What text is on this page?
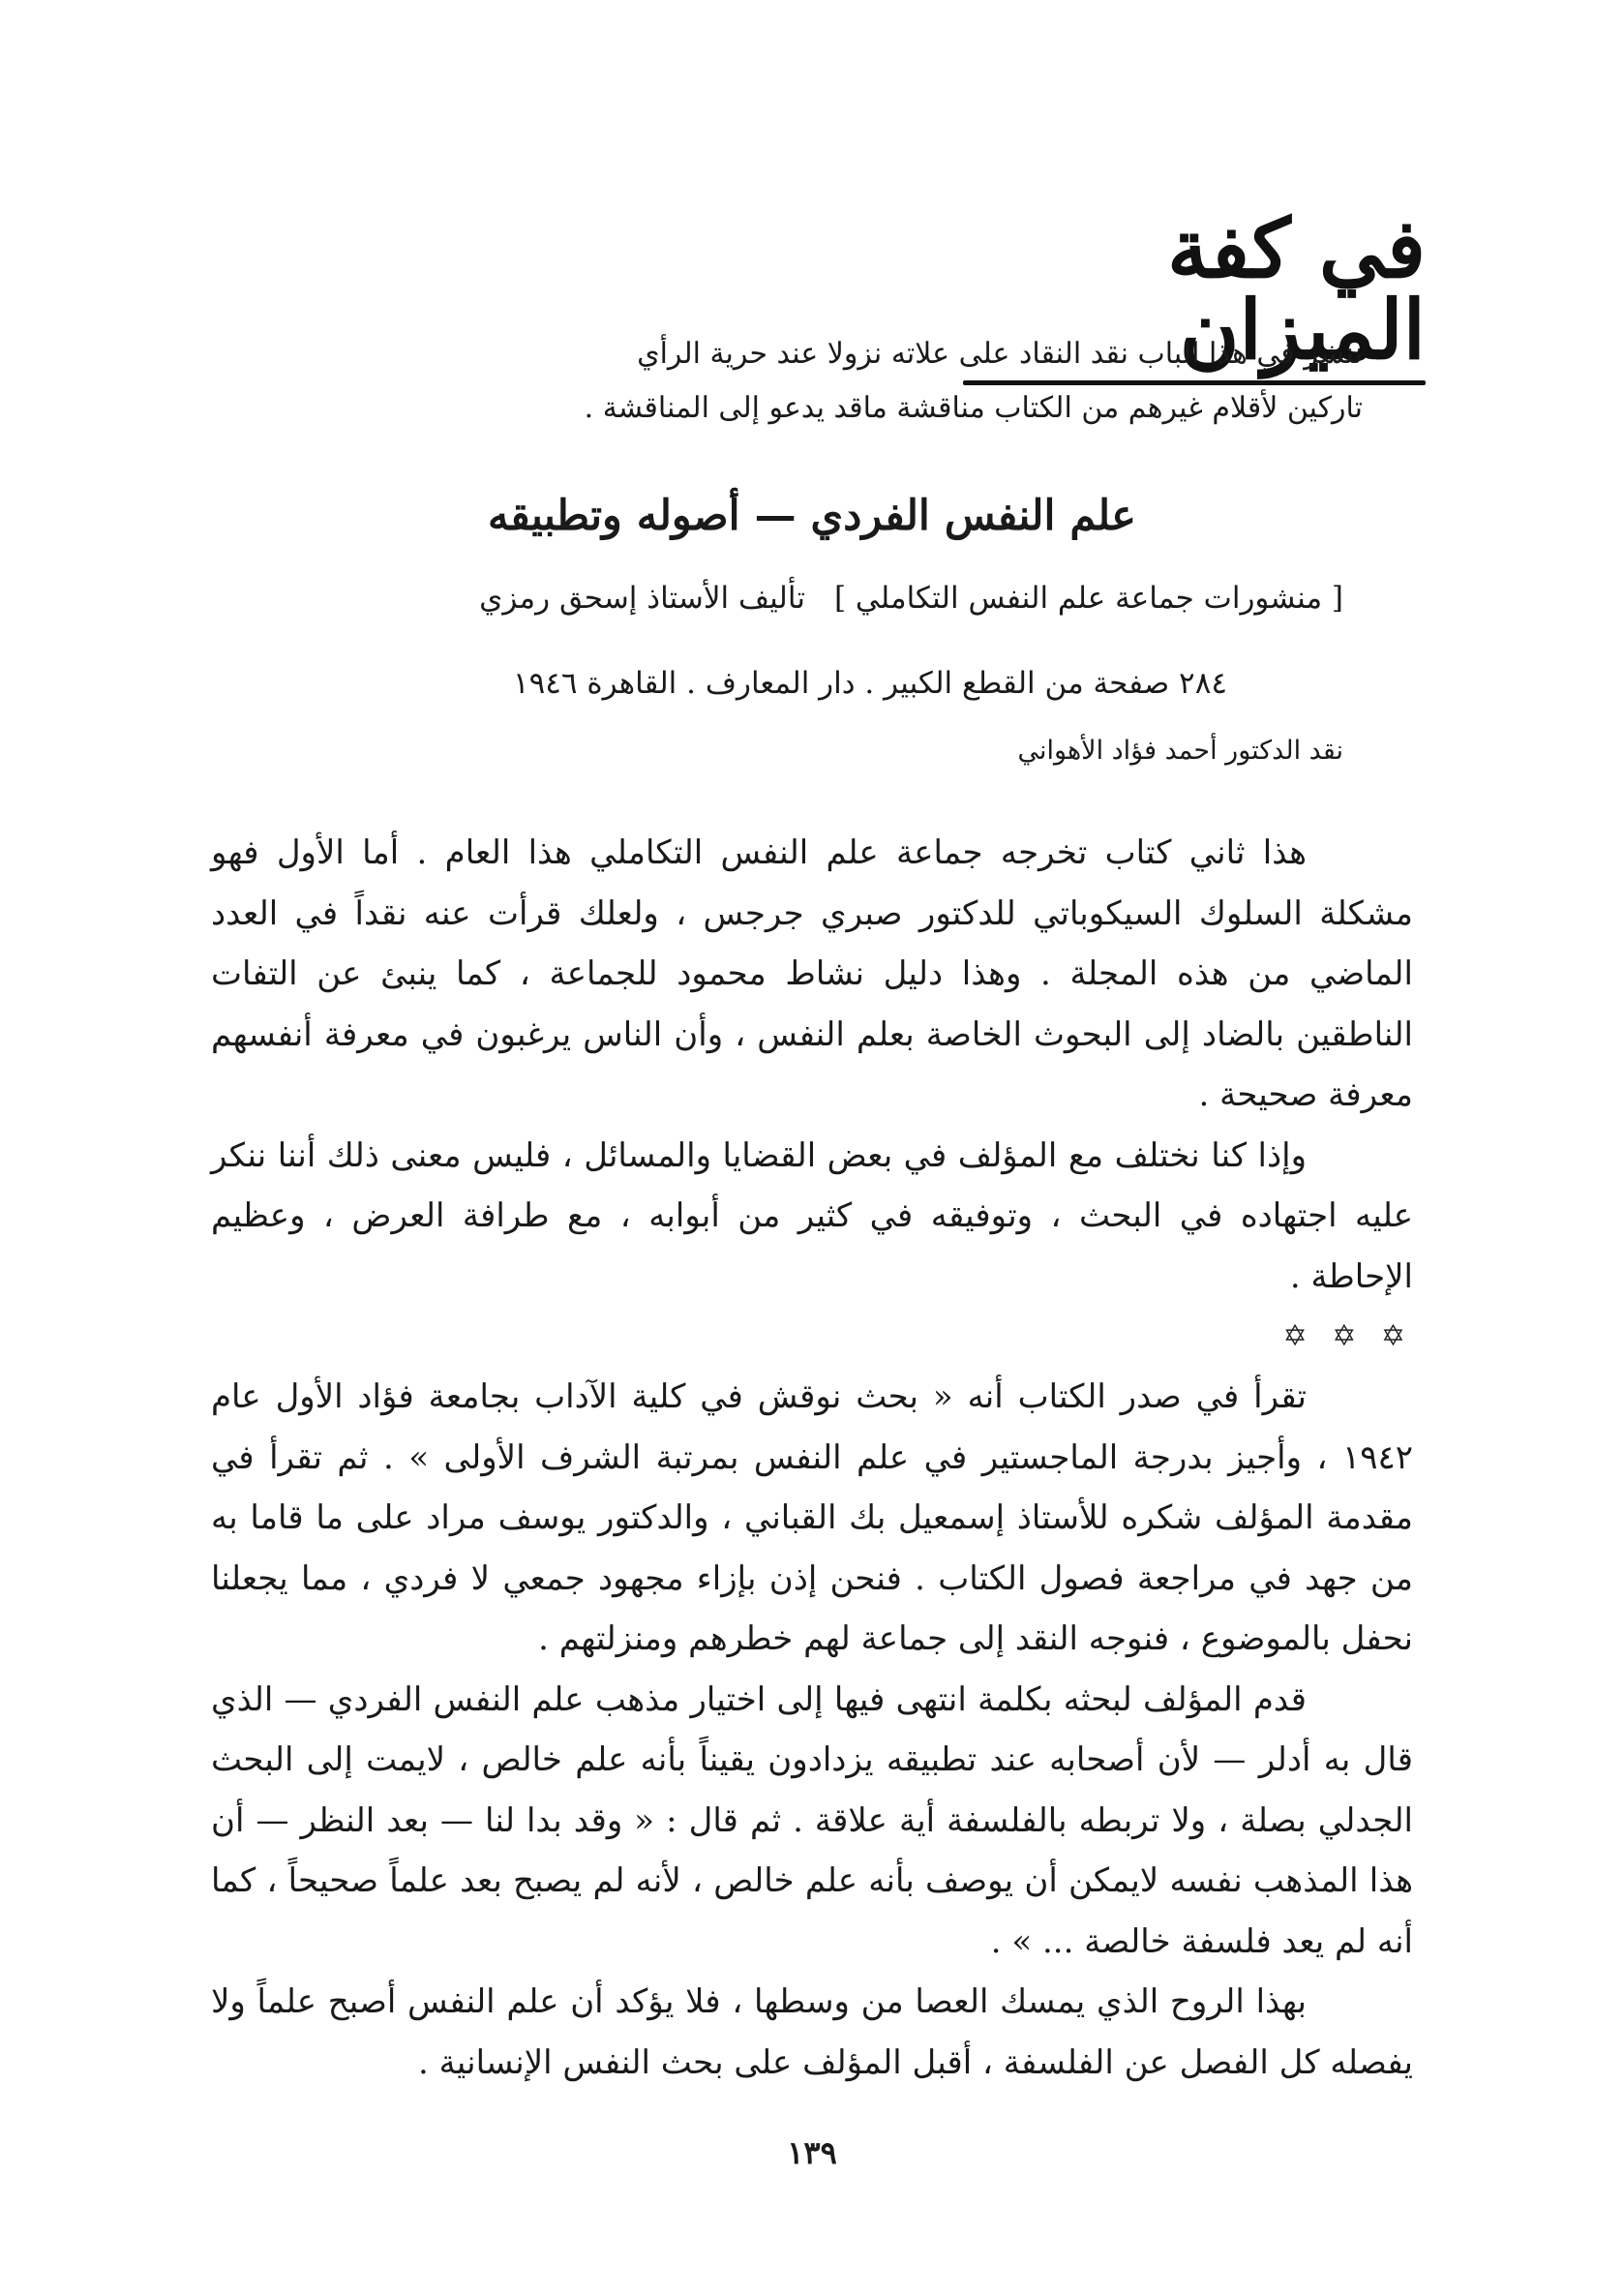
في كفة الميزان
ننشر في هذا الباب نقد النقاد على علاته نزولا عند حرية الرأي
تاركين لأقلام غيرهم من الكتاب مناقشة ماقد يدعو إلى المناقشة .
علم النفس الفردي — أصوله وتطبيقه
[ منشورات جماعة علم النفس التكاملي ]تأليف الأستاذ إسحق رمزي
٢٨٤ صفحة من القطع الكبير . دار المعارف . القاهرة ١٩٤٦
نقد الدكتور أحمد فؤاد الأهواني

هذا ثاني كتاب تخرجه جماعة علم النفس التكاملي هذا العام . أما الأول فهو مشكلة السلوك السيكوباتي للدكتور صبري جرجس ، ولعلك قرأت عنه نقداً في العدد الماضي من هذه المجلة . وهذا دليل نشاط محمود للجماعة ، كما ينبئ عن التفات الناطقين بالضاد إلى البحوث الخاصة بعلم النفس ، وأن الناس يرغبون في معرفة أنفسهم معرفة صحيحة .

وإذا كنا نختلف مع المؤلف في بعض القضايا والمسائل ، فليس معنى ذلك أننا ننكر عليه اجتهاده في البحث ، وتوفيقه في كثير من أبوابه ، مع طرافة العرض ، وعظيم الإحاطة .

✡ ✡ ✡

تقرأ في صدر الكتاب أنه « بحث نوقش في كلية الآداب بجامعة فؤاد الأول عام ١٩٤٢ ، وأجيز بدرجة الماجستير في علم النفس بمرتبة الشرف الأولى » . ثم تقرأ في مقدمة المؤلف شكره للأستاذ إسمعيل بك القباني ، والدكتور يوسف مراد على ما قاما به من جهد في مراجعة فصول الكتاب . فنحن إذن بإزاء مجهود جمعي لا فردي ، مما يجعلنا نحفل بالموضوع ، فنوجه النقد إلى جماعة لهم خطرهم ومنزلتهم .

قدم المؤلف لبحثه بكلمة انتهى فيها إلى اختيار مذهب علم النفس الفردي — الذي قال به أدلر — لأن أصحابه عند تطبيقه يزدادون يقيناً بأنه علم خالص ، لايمت إلى البحث الجدلي بصلة ، ولا تربطه بالفلسفة أية علاقة . ثم قال : « وقد بدا لنا — بعد النظر — أن هذا المذهب نفسه لايمكن أن يوصف بأنه علم خالص ، لأنه لم يصبح بعد علماً صحيحاً ، كما أنه لم يعد فلسفة خالصة ... » .

بهذا الروح الذي يمسك العصا من وسطها ، فلا يؤكد أن علم النفس أصبح علماً ولا يفصله كل الفصل عن الفلسفة ، أقبل المؤلف على بحث النفس الإنسانية .

١٣٩
